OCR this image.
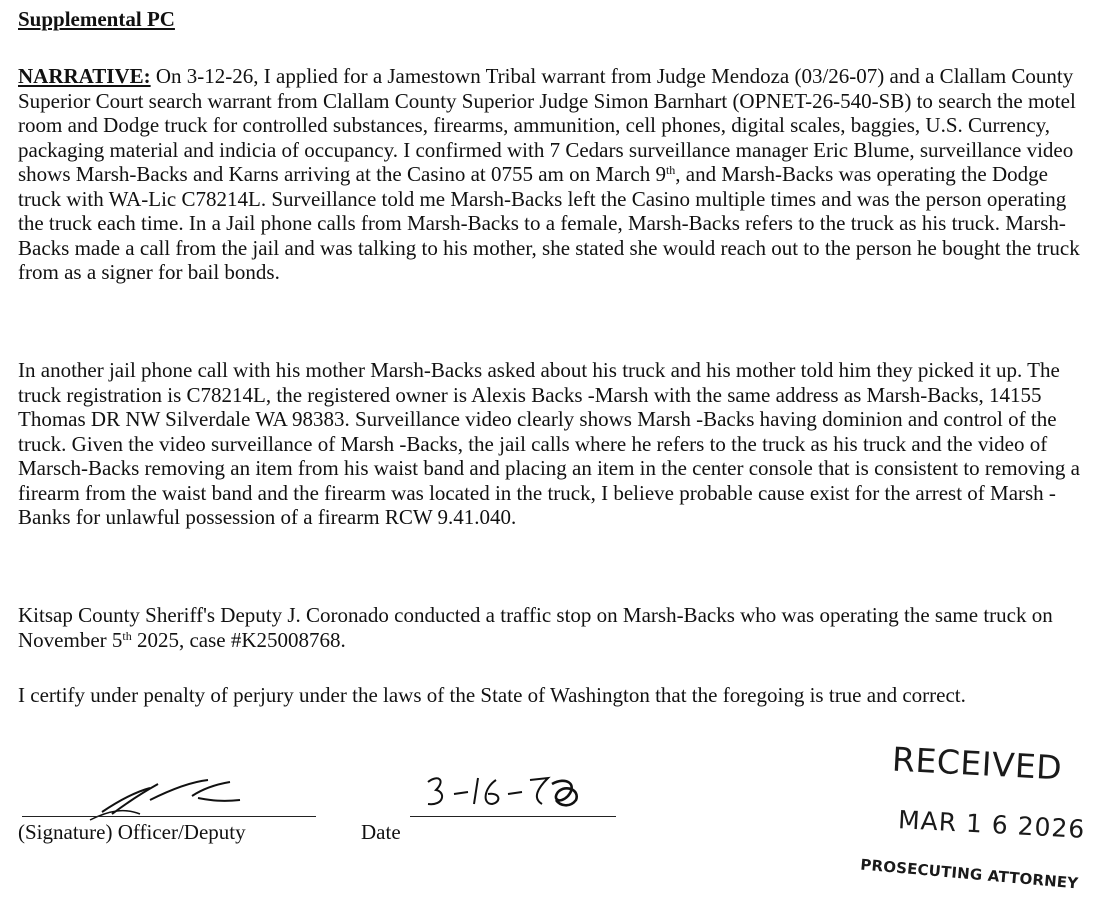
Supplemental PC

NARRATIVE: On 3-12-26, I applied for a Jamestown Tribal warrant from Judge Mendoza (03/26-07) and a Clallam County Superior Court search warrant from Clallam County Superior Judge Simon Barnhart (OPNET-26-540-SB) to search the motel room and Dodge truck for controlled substances, firearms, ammunition, cell phones, digital scales, baggies, U.S. Currency, packaging material and indicia of occupancy. I confirmed with 7 Cedars surveillance manager Eric Blume, surveillance video shows Marsh-Backs and Karns arriving at the Casino at 0755 am on March 9th, and Marsh-Backs was operating the Dodge truck with WA-Lic C78214L. Surveillance told me Marsh-Backs left the Casino multiple times and was the person operating the truck each time. In a Jail phone calls from Marsh-Backs to a female, Marsh-Backs refers to the truck as his truck. Marsh-Backs made a call from the jail and was talking to his mother, she stated she would reach out to the person he bought the truck from as a signer for bail bonds.

In another jail phone call with his mother Marsh-Backs asked about his truck and his mother told him they picked it up. The truck registration is C78214L, the registered owner is Alexis Backs -Marsh with the same address as Marsh-Backs, 14155 Thomas DR NW Silverdale WA 98383. Surveillance video clearly shows Marsh -Backs having dominion and control of the truck. Given the video surveillance of Marsh -Backs, the jail calls where he refers to the truck as his truck and the video of Marsch-Backs removing an item from his waist band and placing an item in the center console that is consistent to removing a firearm from the waist band and the firearm was located in the truck, I believe probable cause exist for the arrest of Marsh -Banks for unlawful possession of a firearm RCW 9.41.040.

Kitsap County Sheriff's Deputy J. Coronado conducted a traffic stop on Marsh-Backs who was operating the same truck on November 5th 2025, case #K25008768.

I certify under penalty of perjury under the laws of the State of Washington that the foregoing is true and correct.

(Signature) Officer/Deputy	Date
RECEIVED
MAR 1 6 2026
PROSECUTING ATTORNEY
